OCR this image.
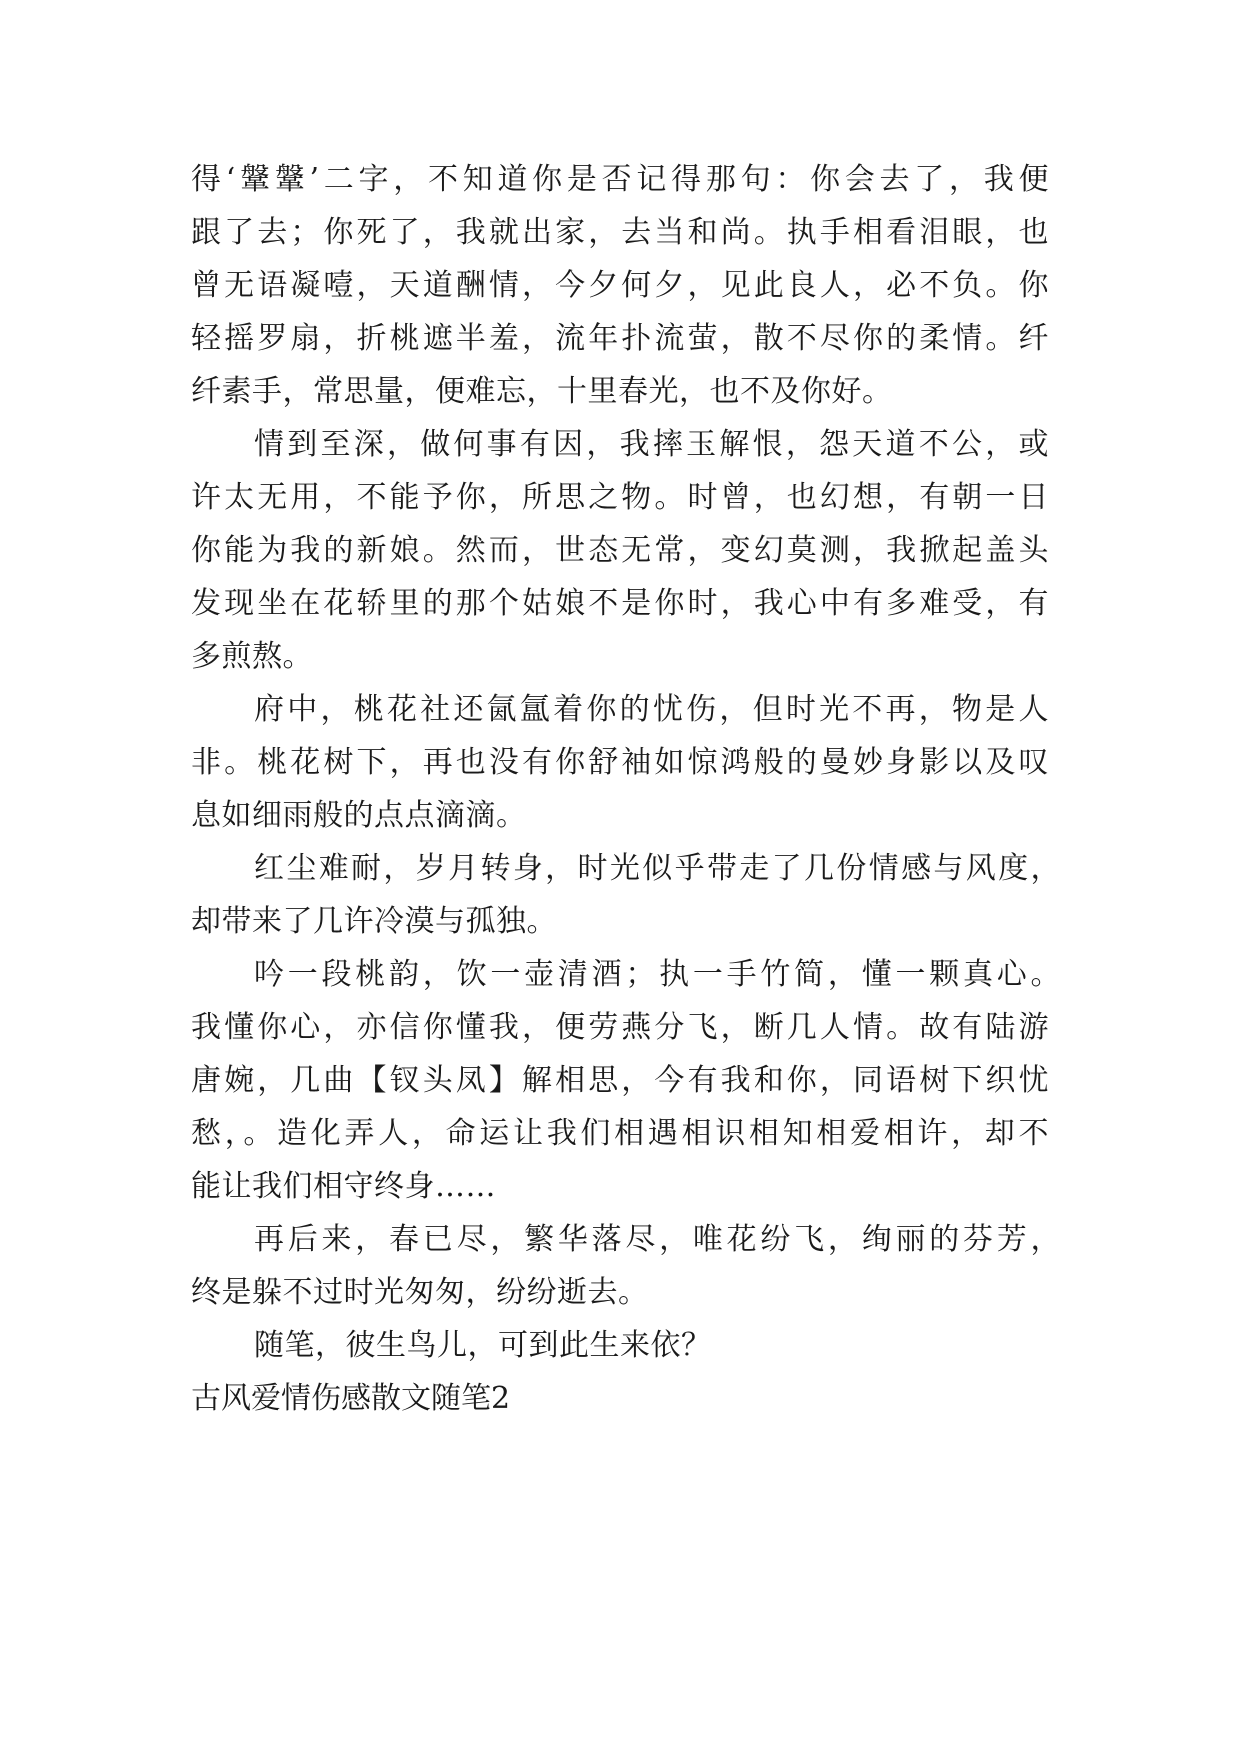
得‘鞶鞶’二字，不知道你是否记得那句：你会去了，我便
跟了去；你死了，我就出家，去当和尚。执手相看泪眼，也
曾无语凝噎，天道酬情，今夕何夕，见此良人，必不负。你
轻摇罗扇，折桃遮半羞，流年扑流萤，散不尽你的柔情。纤
纤素手，常思量，便难忘，十里春光，也不及你好。
情到至深，做何事有因，我摔玉解恨，怨天道不公，或
许太无用，不能予你，所思之物。时曾，也幻想，有朝一日
你能为我的新娘。然而，世态无常，变幻莫测，我掀起盖头
发现坐在花轿里的那个姑娘不是你时，我心中有多难受，有
多煎熬。
府中，桃花社还氤氲着你的忧伤，但时光不再，物是人
非。桃花树下，再也没有你舒袖如惊鸿般的曼妙身影以及叹
息如细雨般的点点滴滴。
红尘难耐，岁月转身，时光似乎带走了几份情感与风度，
却带来了几许冷漠与孤独。
吟一段桃韵，饮一壶清酒；执一手竹简，懂一颗真心。
我懂你心，亦信你懂我，便劳燕分飞，断几人情。故有陆游
唐婉，几曲【钗头凤】解相思，今有我和你，同语树下织忧
愁，。造化弄人，命运让我们相遇相识相知相爱相许，却不
能让我们相守终身……
再后来，春已尽，繁华落尽，唯花纷飞，绚丽的芬芳，
终是躲不过时光匆匆，纷纷逝去。
随笔，彼生鸟儿，可到此生来依？
古风爱情伤感散文随笔2
